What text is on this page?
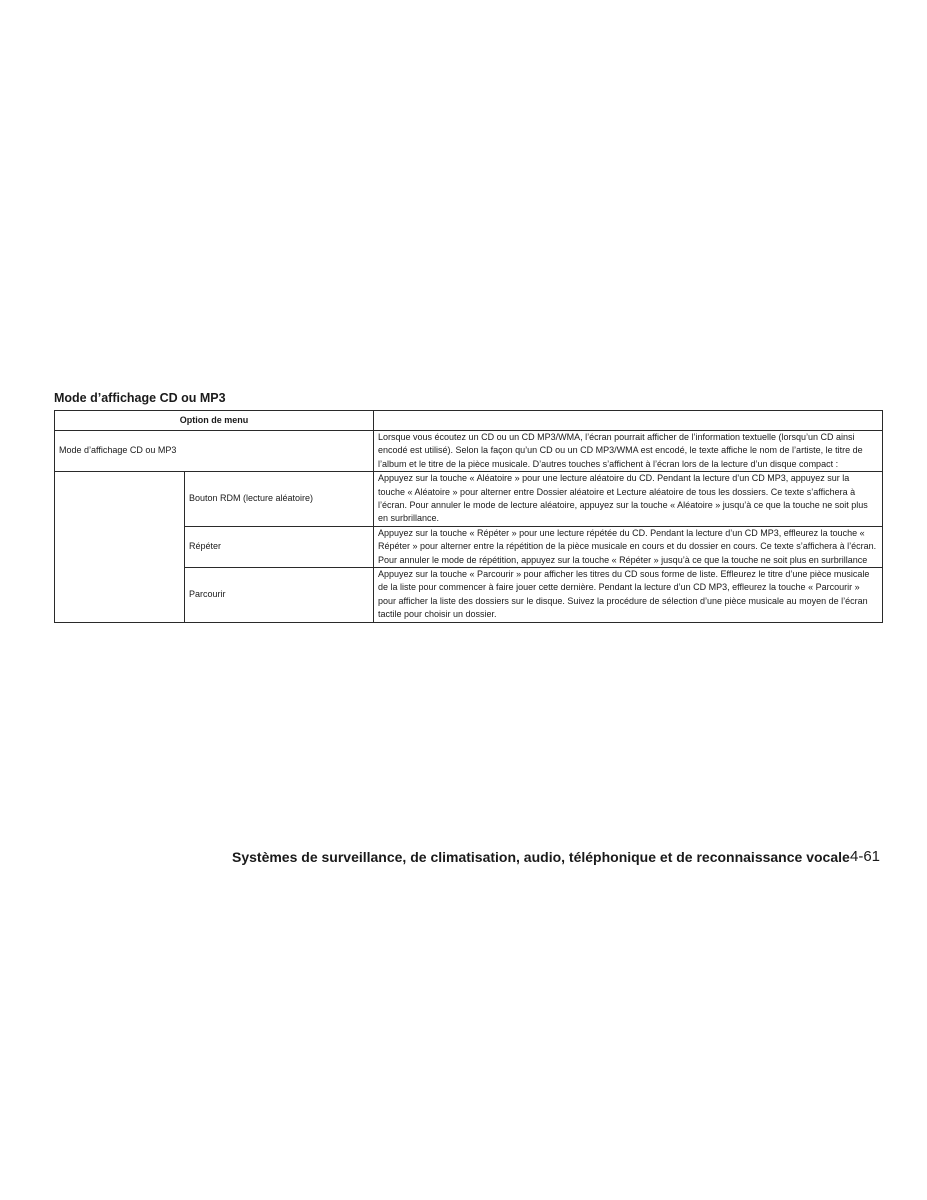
Mode d’affichage CD ou MP3
Option de menu		
Mode d’affichage CD ou MP3		Lorsque vous écoutez un CD ou un CD MP3/WMA, l’écran pourrait afficher de l’information textuelle (lorsqu’un CD ainsi encodé est utilisé). Selon la façon qu’un CD ou un CD MP3/WMA est encodé, le texte affiche le nom de l’artiste, le titre de l’album et le titre de la pièce musicale. D’autres touches s’affichent à l’écran lors de la lecture d’un disque compact :
	Bouton RDM (lecture aléatoire)	Appuyez sur la touche « Aléatoire » pour une lecture aléatoire du CD. Pendant la lecture d’un CD MP3, appuyez sur la touche « Aléatoire » pour alterner entre Dossier aléatoire et Lecture aléatoire de tous les dossiers. Ce texte s’affichera à l’écran. Pour annuler le mode de lecture aléatoire, appuyez sur la touche « Aléatoire » jusqu’à ce que la touche ne soit plus en surbrillance.
	Répéter	Appuyez sur la touche « Répéter » pour une lecture répétée du CD. Pendant la lecture d’un CD MP3, effleurez la touche « Répéter » pour alterner entre la répétition de la pièce musicale en cours et du dossier en cours. Ce texte s’affichera à l’écran. Pour annuler le mode de répétition, appuyez sur la touche « Répéter » jusqu’à ce que la touche ne soit plus en surbrillance
	Parcourir	Appuyez sur la touche « Parcourir » pour afficher les titres du CD sous forme de liste. Effleurez le titre d’une pièce musicale de la liste pour commencer à faire jouer cette dernière. Pendant la lecture d’un CD MP3, effleurez la touche « Parcourir » pour afficher la liste des dossiers sur le disque. Suivez la procédure de sélection d’une pièce musicale au moyen de l’écran tactile pour choisir un dossier.
Systèmes de surveillance, de climatisation, audio, téléphonique et de reconnaissance vocale 4-61
